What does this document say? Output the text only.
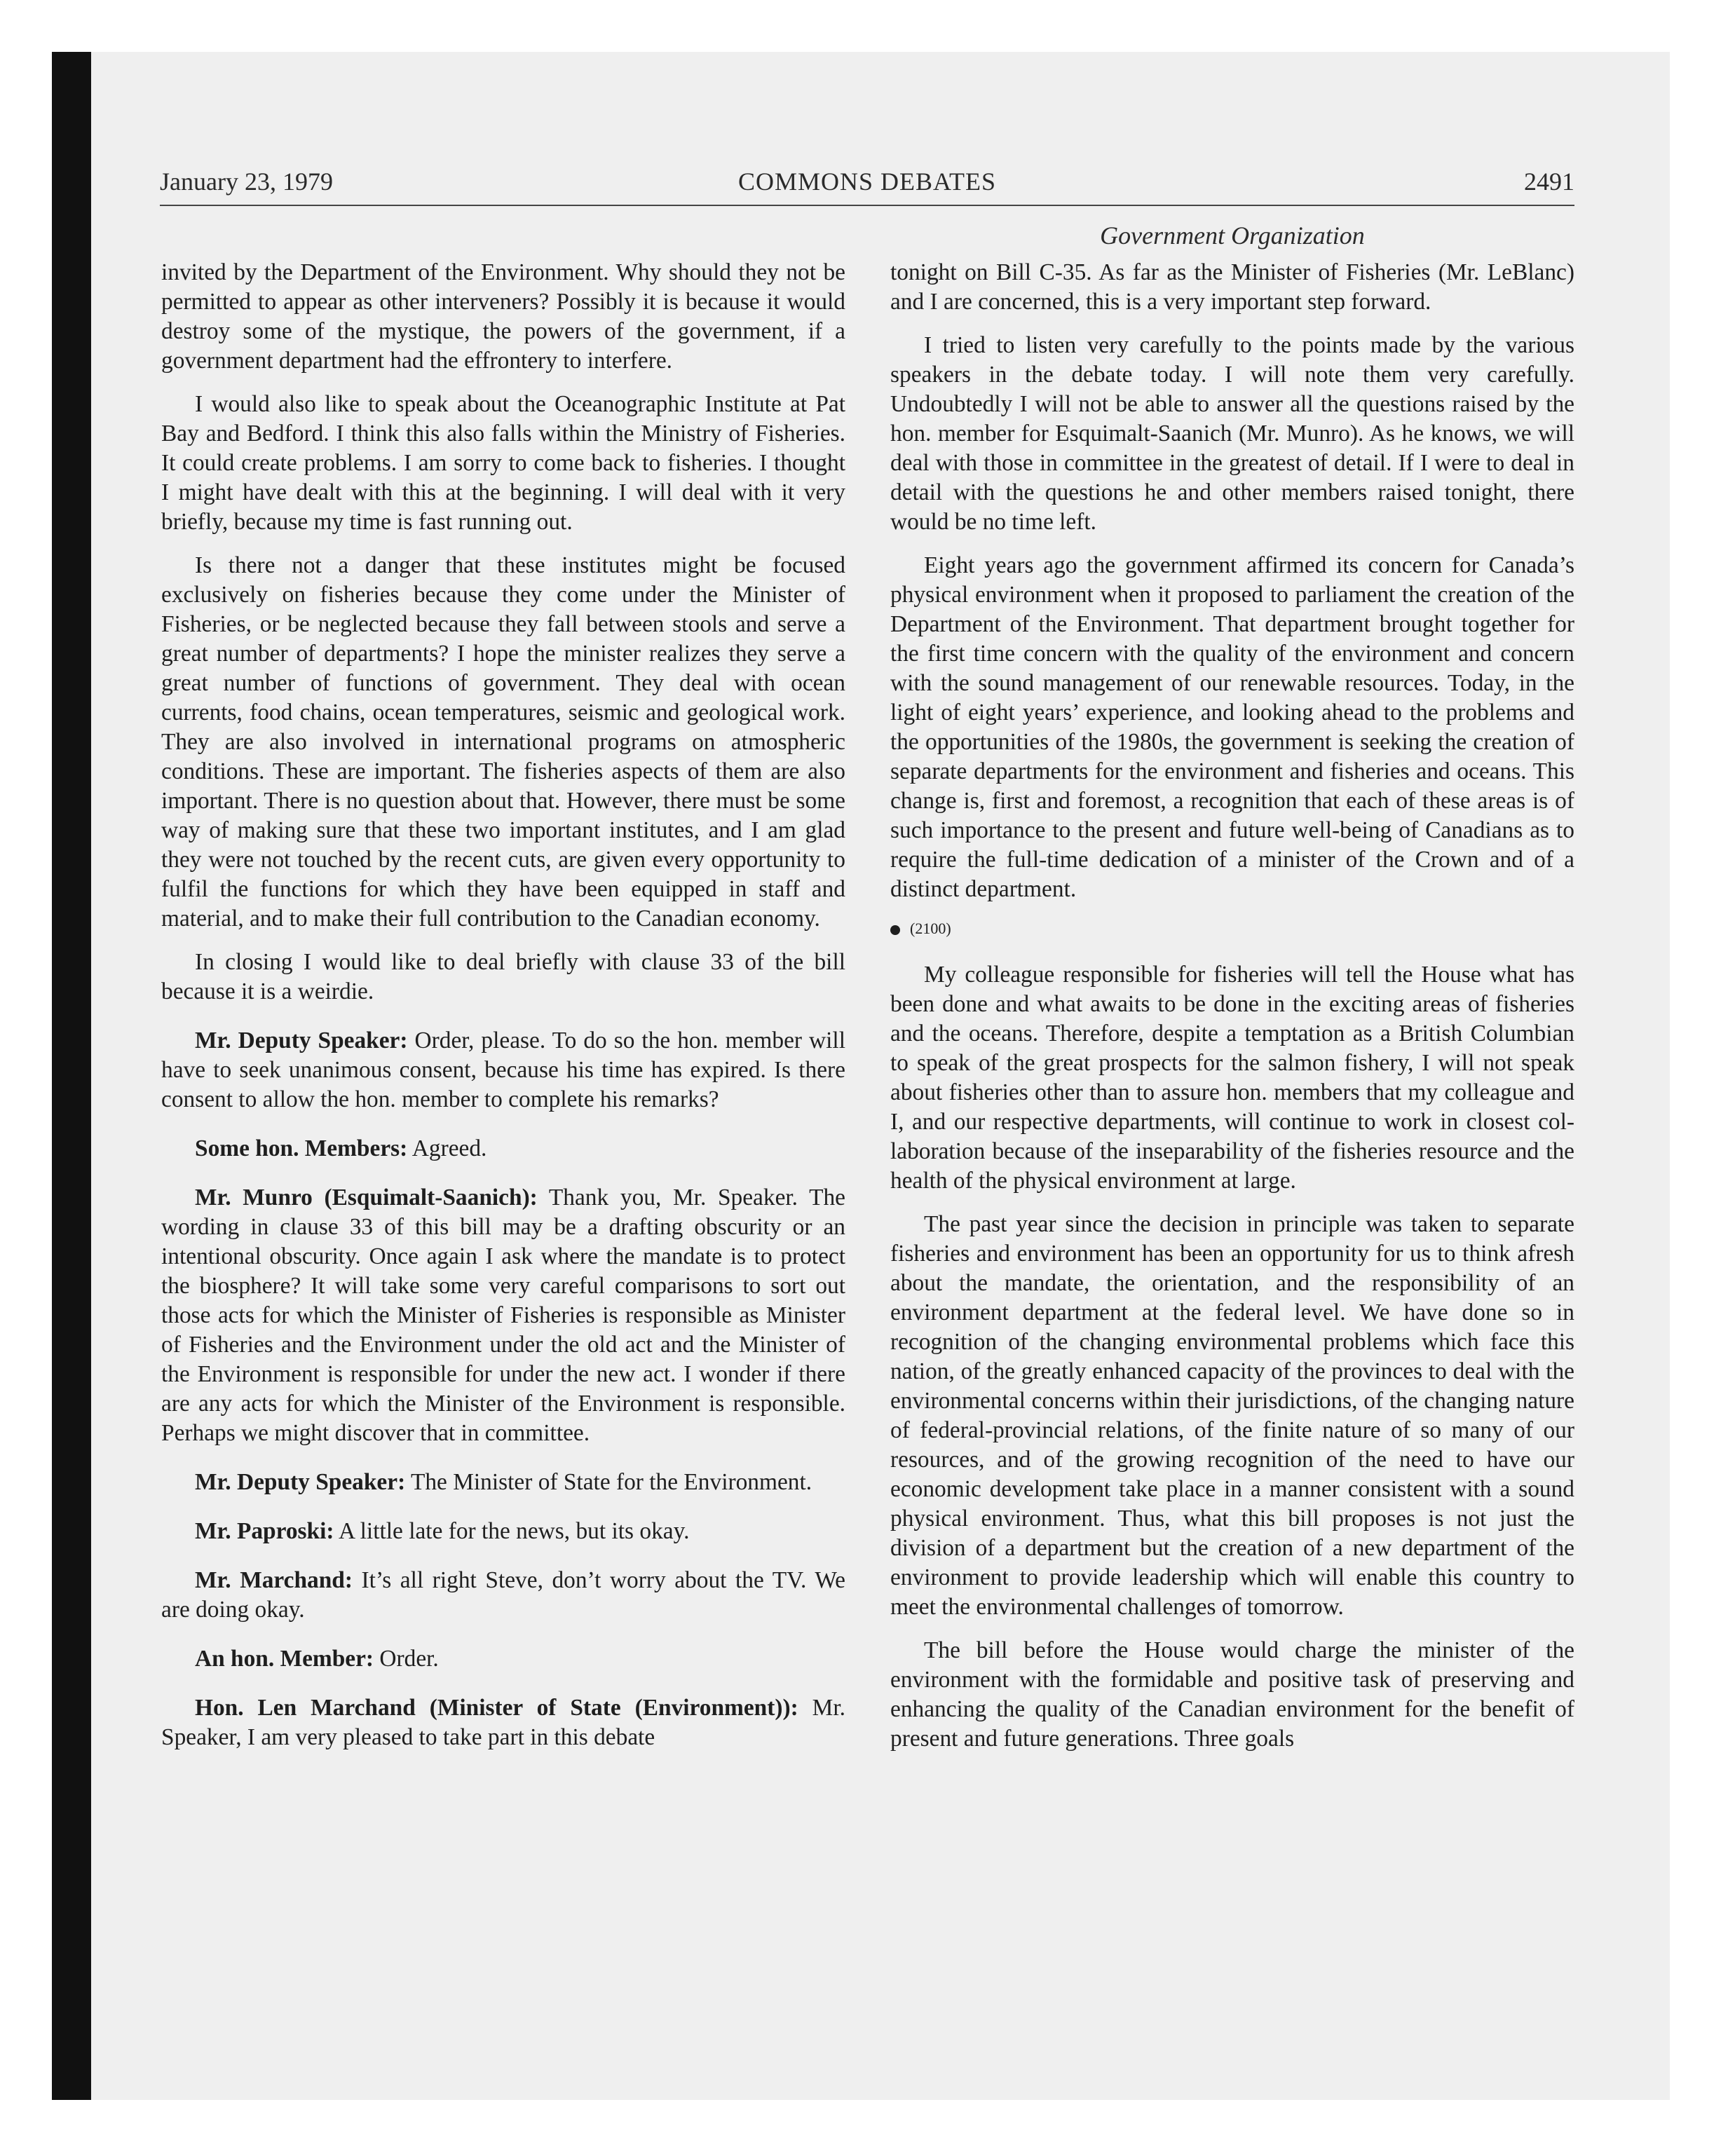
January 23, 1979	COMMONS DEBATES	2491
Government Organization

invited by the Department of the Environment. Why should they not be permitted to appear as other interveners? Possibly it is because it would destroy some of the mystique, the powers of the government, if a government department had the effrontery to interfere.

I would also like to speak about the Oceanographic Institute at Pat Bay and Bedford. I think this also falls within the Ministry of Fisheries. It could create problems. I am sorry to come back to fisheries. I thought I might have dealt with this at the beginning. I will deal with it very briefly, because my time is fast running out.

Is there not a danger that these institutes might be focused exclusively on fisheries because they come under the Minister of Fisheries, or be neglected because they fall between stools and serve a great number of departments? I hope the minister realizes they serve a great number of functions of government. They deal with ocean currents, food chains, ocean temperatures, seismic and geological work. They are also involved in international programs on atmospheric conditions. These are important. The fisheries aspects of them are also important. There is no question about that. However, there must be some way of making sure that these two important institutes, and I am glad they were not touched by the recent cuts, are given every opportunity to fulfil the functions for which they have been equipped in staff and material, and to make their full contribution to the Canadian economy.

In closing I would like to deal briefly with clause 33 of the bill because it is a weirdie.

Mr. Deputy Speaker: Order, please. To do so the hon. member will have to seek unanimous consent, because his time has expired. Is there consent to allow the hon. member to complete his remarks?

Some hon. Members: Agreed.

Mr. Munro (Esquimalt-Saanich): Thank you, Mr. Speaker. The wording in clause 33 of this bill may be a drafting obscurity or an intentional obscurity. Once again I ask where the mandate is to protect the biosphere? It will take some very careful comparisons to sort out those acts for which the Minister of Fisheries is responsible as Minister of Fisheries and the Environment under the old act and the Minister of the Environment is responsible for under the new act. I wonder if there are any acts for which the Minister of the Environment is responsible. Perhaps we might discover that in committee.

Mr. Deputy Speaker: The Minister of State for the Environment.

Mr. Paproski: A little late for the news, but its okay.

Mr. Marchand: It’s all right Steve, don’t worry about the TV. We are doing okay.

An hon. Member: Order.

Hon. Len Marchand (Minister of State (Environment)): Mr. Speaker, I am very pleased to take part in this debate

tonight on Bill C-35. As far as the Minister of Fisheries (Mr. LeBlanc) and I are concerned, this is a very important step forward.

I tried to listen very carefully to the points made by the various speakers in the debate today. I will note them very carefully. Undoubtedly I will not be able to answer all the questions raised by the hon. member for Esquimalt-Saanich (Mr. Munro). As he knows, we will deal with those in committee in the greatest of detail. If I were to deal in detail with the questions he and other members raised tonight, there would be no time left.

Eight years ago the government affirmed its concern for Canada’s physical environment when it proposed to parliament the creation of the Department of the Environment. That department brought together for the first time concern with the quality of the environment and concern with the sound management of our renewable resources. Today, in the light of eight years’ experience, and looking ahead to the problems and the opportunities of the 1980s, the government is seeking the creation of separate departments for the environment and fisheries and oceans. This change is, first and foremost, a recognition that each of these areas is of such importance to the present and future well-being of Canadians as to require the full-time dedication of a minister of the Crown and of a distinct department.

(2100)

My colleague responsible for fisheries will tell the House what has been done and what awaits to be done in the exciting areas of fisheries and the oceans. Therefore, despite a temptation as a British Columbian to speak of the great prospects for the salmon fishery, I will not speak about fisheries other than to assure hon. members that my colleague and I, and our respective departments, will continue to work in closest collaboration because of the inseparability of the fisheries resource and the health of the physical environment at large.

The past year since the decision in principle was taken to separate fisheries and environment has been an opportunity for us to think afresh about the mandate, the orientation, and the responsibility of an environment department at the federal level. We have done so in recognition of the changing environmental problems which face this nation, of the greatly enhanced capacity of the provinces to deal with the environmental concerns within their jurisdictions, of the changing nature of federal-provincial relations, of the finite nature of so many of our resources, and of the growing recognition of the need to have our economic development take place in a manner consistent with a sound physical environment. Thus, what this bill proposes is not just the division of a department but the creation of a new department of the environment to provide leadership which will enable this country to meet the environmental challenges of tomorrow.

The bill before the House would charge the minister of the environment with the formidable and positive task of preserving and enhancing the quality of the Canadian environment for the benefit of present and future generations. Three goals
